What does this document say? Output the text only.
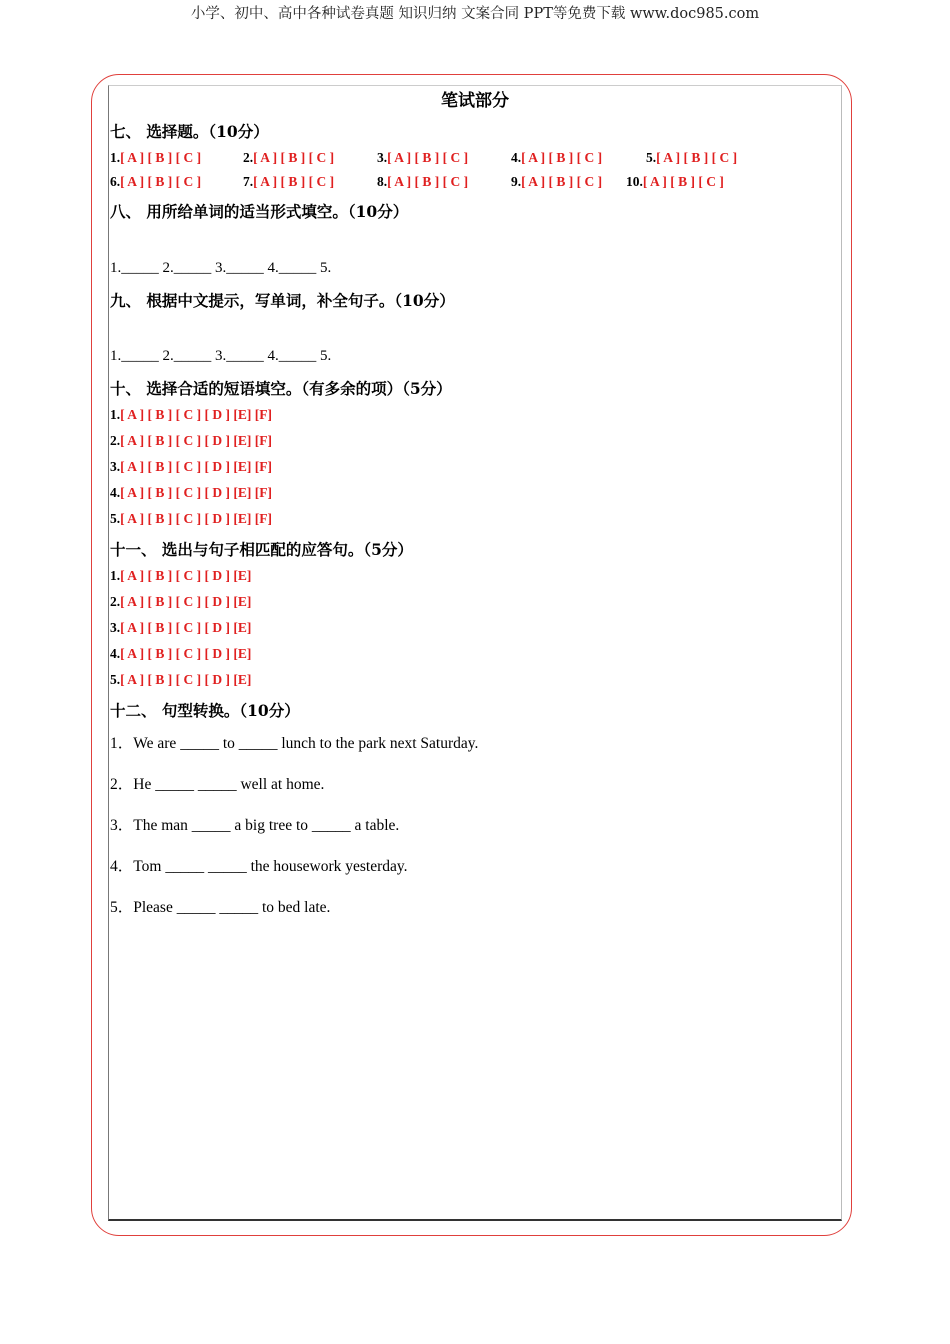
小学、初中、高中各种试卷真题 知识归纳 文案合同 PPT等免费下载 www.doc985.com
笔试部分
七、 选择题。（10分）
1.[ A ] [ B ] [ C ]	2.[ A ] [ B ] [ C ]	3.[ A ] [ B ] [ C ]	4.[ A ] [ B ] [ C ]	5.[ A ] [ B ] [ C ]
6.[ A ] [ B ] [ C ]	7.[ A ] [ B ] [ C ]	8.[ A ] [ B ] [ C ]	9.[ A ] [ B ] [ C ] 10.[ A ] [ B ] [ C ]
八、 用所给单词的适当形式填空。（10分）
1._____ 2._____ 3._____ 4._____ 5.
九、 根据中文提示，写单词，补全句子。（10分）
1._____ 2._____ 3._____ 4._____ 5.
十、 选择合适的短语填空。（有多余的项）（5分）
1.[ A ] [ B ] [ C ] [ D ] [E] [F]
2.[ A ] [ B ] [ C ] [ D ] [E] [F]
3.[ A ] [ B ] [ C ] [ D ] [E] [F]
4.[ A ] [ B ] [ C ] [ D ] [E] [F]
5.[ A ] [ B ] [ C ] [ D ] [E] [F]
十一、 选出与句子相匹配的应答句。（5分）
1.[ A ] [ B ] [ C ] [ D ] [E]
2.[ A ] [ B ] [ C ] [ D ] [E]
3.[ A ] [ B ] [ C ] [ D ] [E]
4.[ A ] [ B ] [ C ] [ D ] [E]
5.[ A ] [ B ] [ C ] [ D ] [E]
十二、 句型转换。（10分）
1．We are _____ to _____ lunch to the park next Saturday.
2．He _____ _____ well at home.
3．The man _____ a big tree to _____ a table.
4．Tom _____ _____ the housework yesterday.
5．Please _____ _____ to bed late.
